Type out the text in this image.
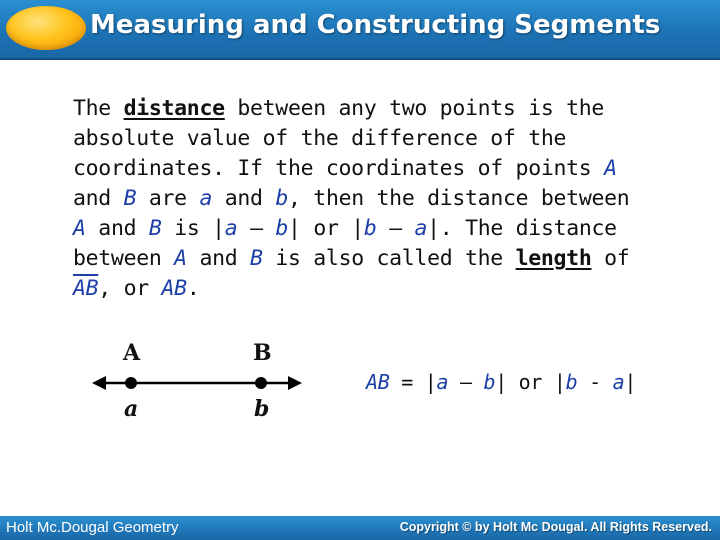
Measuring and Constructing Segments
The distance between any two points is the absolute value of the difference of the coordinates. If the coordinates of points A and B are a and b, then the distance between A and B is |a – b| or |b – a|. The distance between A and B is also called the length of $\overline{AB}$, or AB.
A	B
a	b
AB = |a – b| or |b - a|
Holt Mc.Dougal Geometry	Copyright © by Holt Mc Dougal. All Rights Reserved.
